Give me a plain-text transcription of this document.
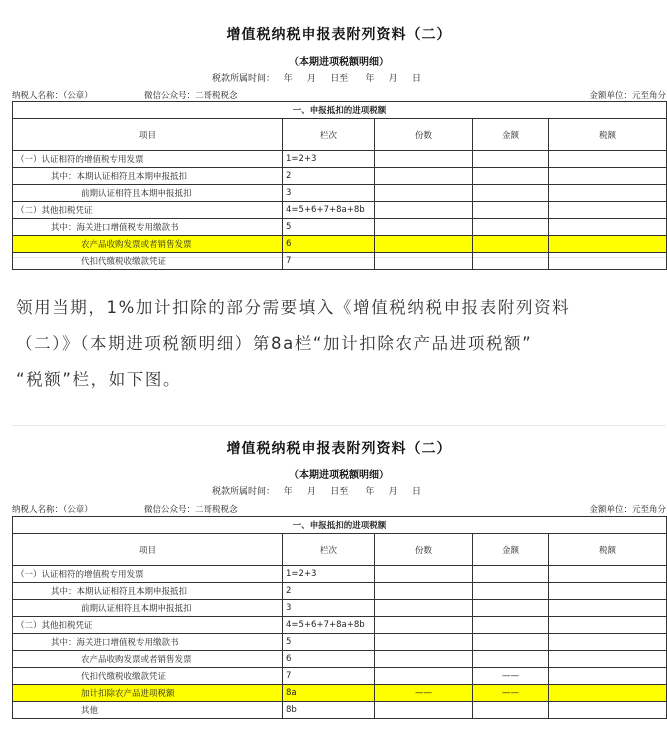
增值税纳税申报表附列资料（二）
（本期进项税额明细）
税款所属时间：   年     月     日至      年     月     日
纳税人名称：（公章）	微信公众号：二哥税税念	金额单位：元至角分
一、申报抵扣的进项税额				
项目	栏次	份数	金额	税额
（一）认证相符的增值税专用发票	1=2+3			
其中：本期认证相符且本期申报抵扣	2			
前期认证相符且本期申报抵扣	3			
（二）其他扣税凭证	4=5+6+7+8a+8b			
其中：海关进口增值税专用缴款书	5			
农产品收购发票或者销售发票	6			
代扣代缴税收缴款凭证	7			

领用当期，1%加计扣除的部分需要填入《增值税纳税申报表附列资料

（二）》（本期进项税额明细）第8a栏“加计扣除农产品进项税额”

“税额”栏，如下图。

增值税纳税申报表附列资料（二）
（本期进项税额明细）
税款所属时间：   年     月     日至      年     月     日
纳税人名称：（公章）	微信公众号：二哥税税念	金额单位：元至角分
一、申报抵扣的进项税额				
项目	栏次	份数	金额	税额
（一）认证相符的增值税专用发票	1=2+3			
其中：本期认证相符且本期申报抵扣	2			
前期认证相符且本期申报抵扣	3			
（二）其他扣税凭证	4=5+6+7+8a+8b			
其中：海关进口增值税专用缴款书	5			
农产品收购发票或者销售发票	6			
代扣代缴税收缴款凭证	7		——	
加计扣除农产品进项税额	8a	——	——	
其他	8b			
